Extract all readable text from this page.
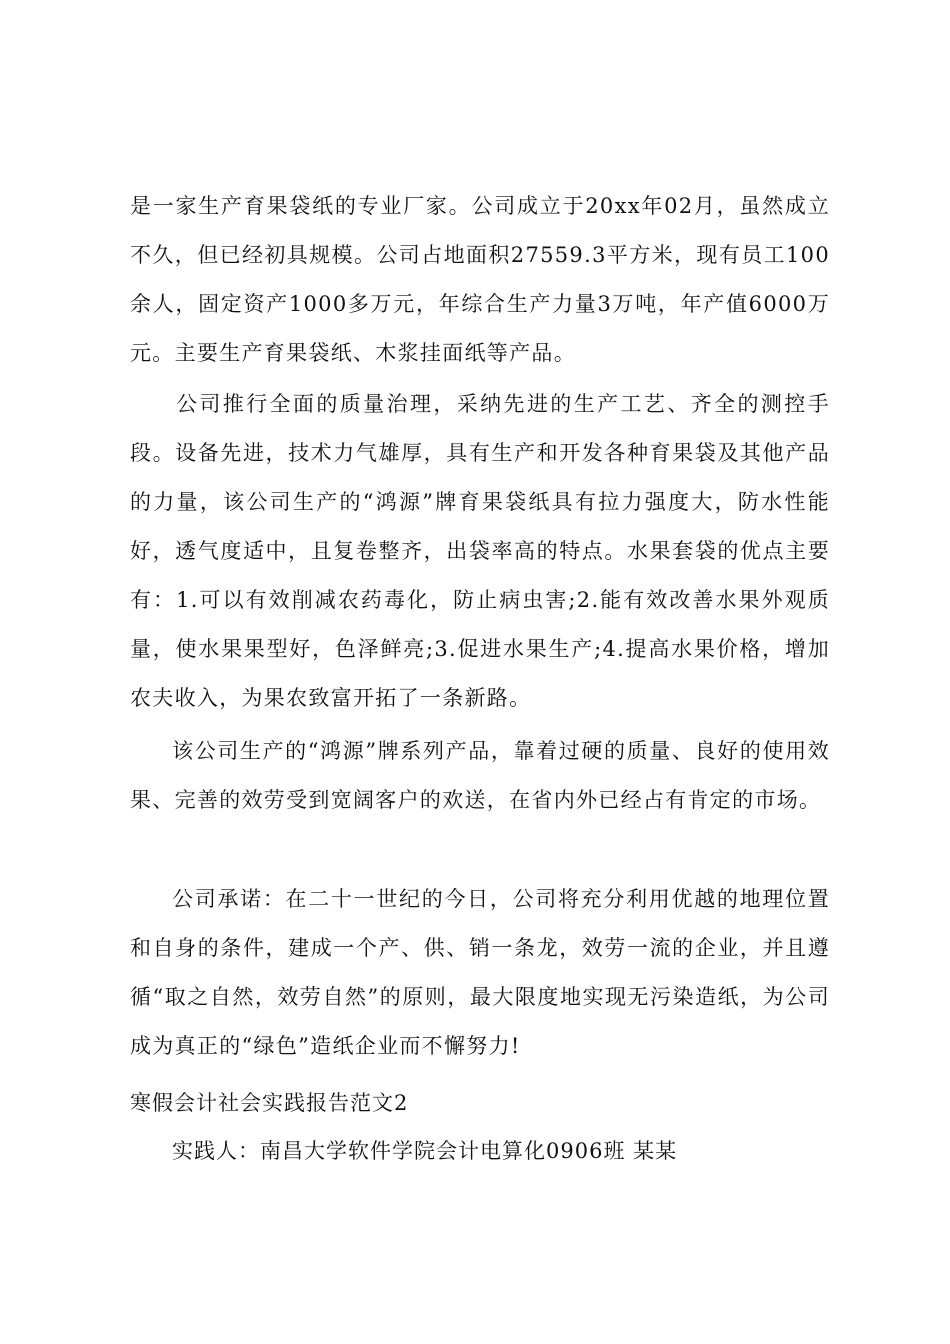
是一家生产育果袋纸的专业厂家。公司成立于20xx年02月，虽然成立不久，但已经初具规模。公司占地面积27559.3平方米，现有员工100余人，固定资产1000多万元，年综合生产力量3万吨，年产值6000万元。主要生产育果袋纸、木浆挂面纸等产品。

公司推行全面的质量治理，采纳先进的生产工艺、齐全的测控手段。设备先进，技术力气雄厚，具有生产和开发各种育果袋及其他产品的力量，该公司生产的“鸿源”牌育果袋纸具有拉力强度大，防水性能好，透气度适中，且复卷整齐，出袋率高的特点。水果套袋的优点主要有：1.可以有效削减农药毒化，防止病虫害;2.能有效改善水果外观质量，使水果果型好，色泽鲜亮;3.促进水果生产;4.提高水果价格，增加农夫收入，为果农致富开拓了一条新路。

该公司生产的“鸿源”牌系列产品，靠着过硬的质量、良好的使用效果、完善的效劳受到宽阔客户的欢送，在省内外已经占有肯定的市场。

公司承诺：在二十一世纪的今日，公司将充分利用优越的地理位置和自身的条件，建成一个产、供、销一条龙，效劳一流的企业，并且遵循“取之自然，效劳自然”的原则，最大限度地实现无污染造纸，为公司成为真正的“绿色”造纸企业而不懈努力!

寒假会计社会实践报告范文2

实践人：南昌大学软件学院会计电算化0906班 某某
